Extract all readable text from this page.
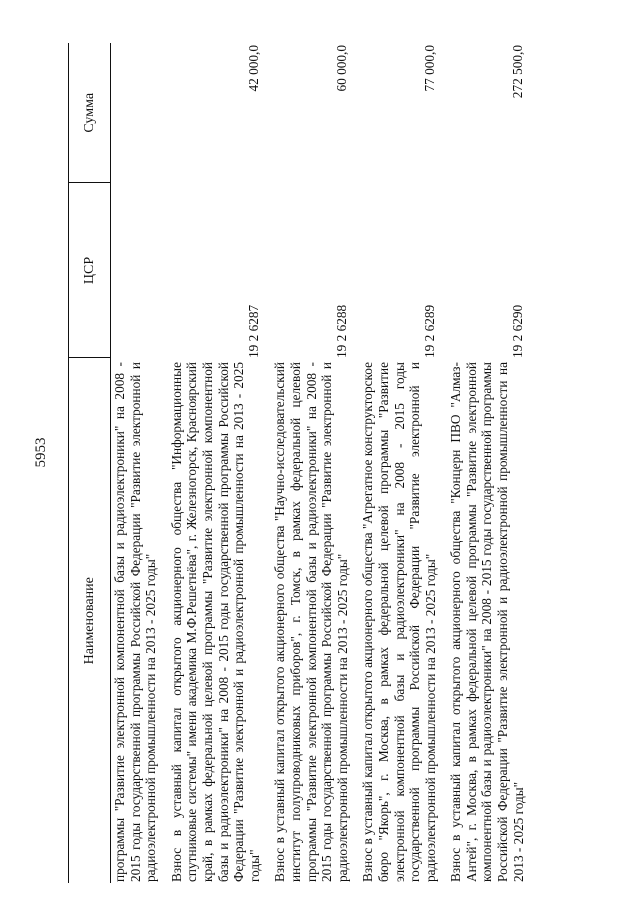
5953
Наименование	ЦСР	Сумма
программы "Развитие электронной компонентной базы и радиоэлектроники" на 2008 - 2015 годы государственной программы Российской Федерации "Развитие электронной и радиоэлектронной промышленности на 2013 - 2025 годы"		
Взнос в уставный капитал открытого акционерного общества "Информационные спутниковые системы" имени академика М.Ф.Решетнёва", г. Железногорск, Красноярский край, в рамках федеральной целевой программы "Развитие электронной компонентной базы и радиоэлектроники" на 2008 - 2015 годы государственной программы Российской Федерации "Развитие электронной и радиоэлектронной промышленности на 2013 - 2025 годы"	19 2 6287	42 000,0
Взнос в уставный капитал открытого акционерного общества "Научно-исследовательский институт полупроводниковых приборов", г. Томск, в рамках федеральной целевой программы "Развитие электронной компонентной базы и радиоэлектроники" на 2008 - 2015 годы государственной программы Российской Федерации "Развитие электронной и радиоэлектронной промышленности на 2013 - 2025 годы"	19 2 6288	60 000,0
Взнос в уставный капитал открытого акционерного общества "Агрегатное конструкторское бюро "Якорь", г. Москва, в рамках федеральной целевой программы "Развитие электронной компонентной базы и радиоэлектроники" на 2008 - 2015 годы государственной программы Российской Федерации "Развитие электронной и радиоэлектронной промышленности на 2013 - 2025 годы"	19 2 6289	77 000,0
Взнос в уставный капитал открытого акционерного общества "Концерн ПВО "Алмаз-Антей", г. Москва, в рамках федеральной целевой программы "Развитие электронной компонентной базы и радиоэлектроники" на 2008 - 2015 годы государственной программы Российской Федерации "Развитие электронной и радиоэлектронной промышленности на 2013 - 2025 годы"	19 2 6290	272 500,0
